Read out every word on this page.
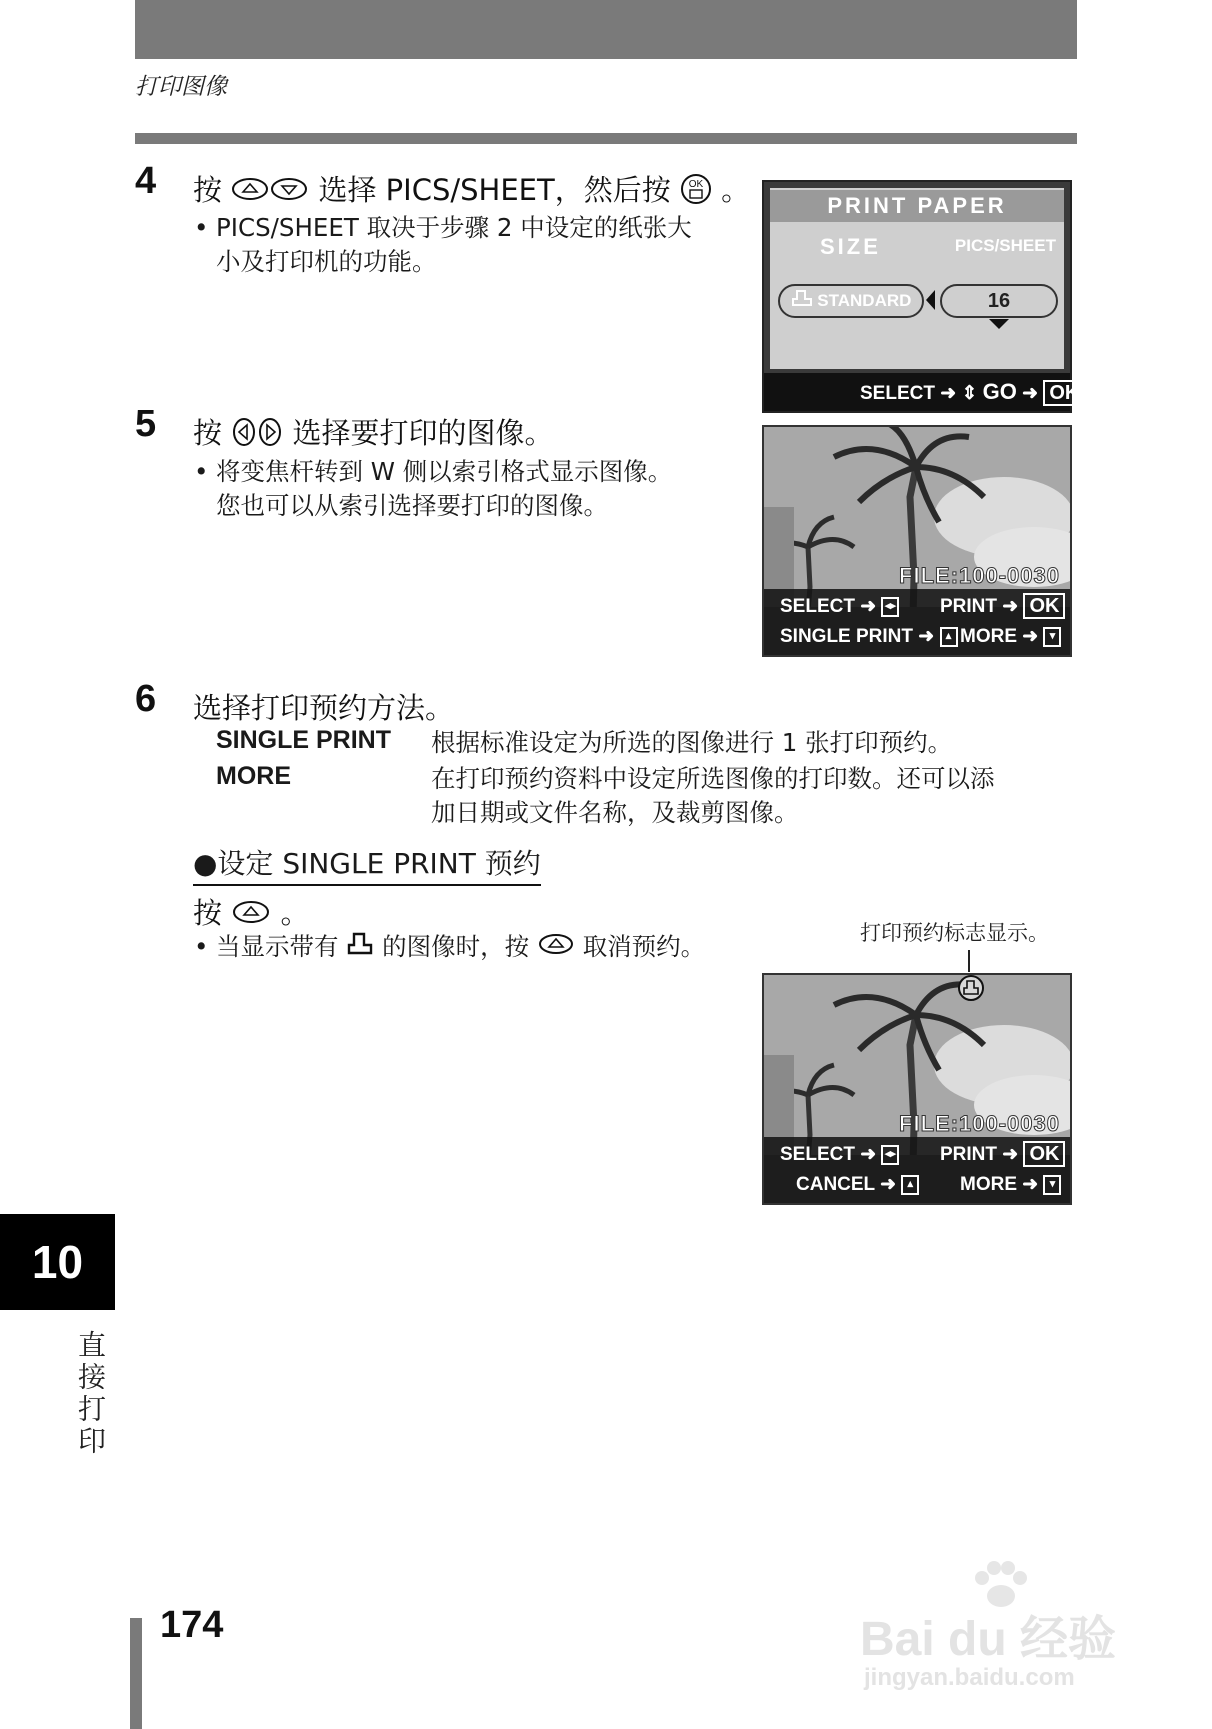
打印图像
4 按	选择 PICS/SHEET，然后按 OK 。
• PICS/SHEET 取决于步骤 2 中设定的纸张大
小及打印机的功能。
PRINT PAPER
SIZE	PICS/SHEET
STANDARD	16
SELECT ➜ ⇕ GO ➜ OK
5 按 选择要打印的图像。
• 将变焦杆转到 W 侧以索引格式显示图像。
您也可以从索引选择要打印的图像。
FILE:100-0030
SELECT ➜ ◂▸ PRINT ➜ OK
SINGLE PRINT ➜ ▴ MORE ➜ ▾
6 选择打印预约方法。
SINGLE PRINT 根据标准设定为所选的图像进行 1 张打印预约。
MORE	在打印预约资料中设定所选图像的打印数。还可以添
加日期或文件名称，及裁剪图像。
●设定 SINGLE PRINT 预约
按 。
• 当显示带有 的图像时，按 取消预约。	打印预约标志显示。
FILE:100-0030
SELECT ➜ ◂▸ PRINT ➜ OK
CANCEL ➜ ▴	MORE ➜ ▾
10
直接打印
174	Bai du 经验
jingyan.baidu.com
